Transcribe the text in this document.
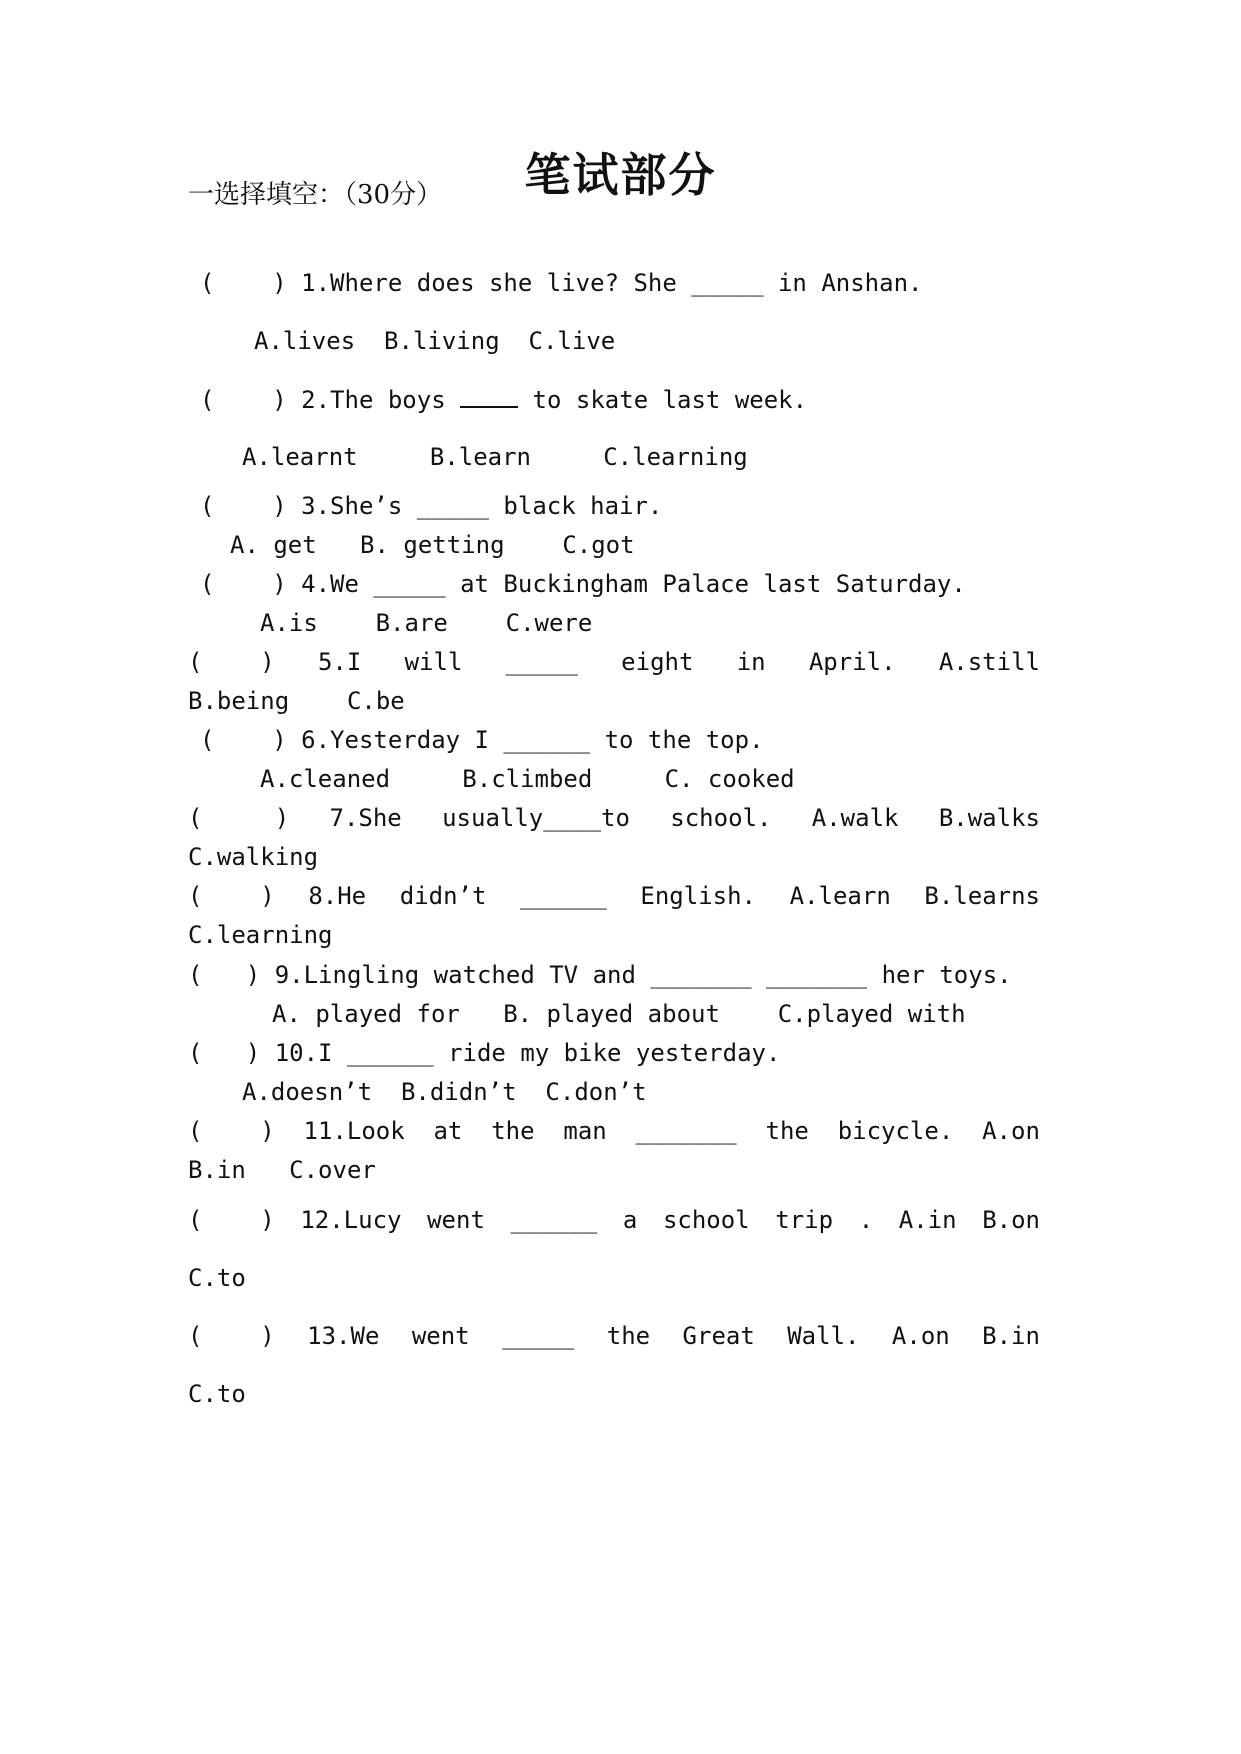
笔试部分
一选择填空：（30分）
(    ) 1.Where does she live? She _____ in Anshan.
A.lives  B.living  C.live
(    ) 2.The boys  to skate last week.
A.learnt     B.learn     C.learning
(    ) 3.She’s _____ black hair.
A. get   B. getting    C.got
(    ) 4.We _____ at Buckingham Palace last Saturday.
A.is    B.are    C.were
(    ) 5.I will _____ eight in April. A.still
B.being    C.be
(    ) 6.Yesterday I ______ to the top.
A.cleaned     B.climbed     C. cooked
(     ) 7.She usually____to school. A.walk B.walks
C.walking
(    ) 8.He didn’t ______ English. A.learn B.learns
C.learning
(   ) 9.Lingling watched TV and _______ _______ her toys.
A. played for   B. played about    C.played with
(   ) 10.I ______ ride my bike yesterday.
A.doesn’t  B.didn’t  C.don’t
(    ) 11.Look at the man _______ the bicycle. A.on
B.in   C.over
(    ) 12.Lucy went ______ a school trip . A.in B.on
C.to
(    ) 13.We went _____ the Great Wall. A.on B.in
C.to
